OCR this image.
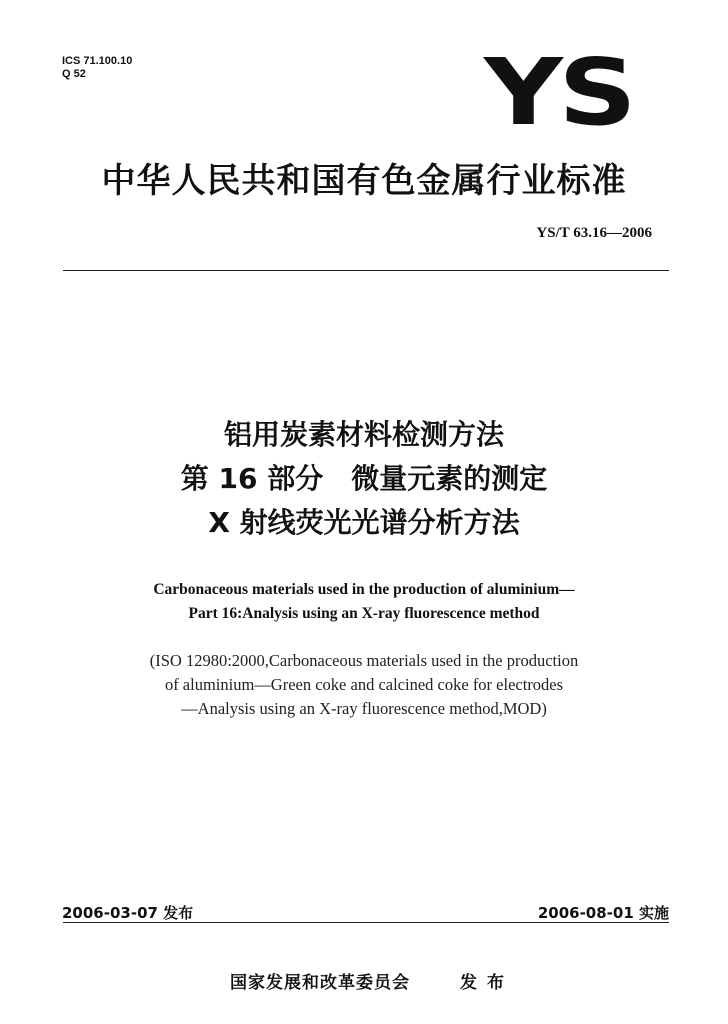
ICS 71.100.10
Q 52	YS
中华人民共和国有色金属行业标准
YS/T 63.16—2006
铝用炭素材料检测方法
第 16 部分　微量元素的测定
X 射线荧光光谱分析方法
Carbonaceous materials used in the production of aluminium—
Part 16:Analysis using an X-ray fluorescence method
(ISO 12980:2000,Carbonaceous materials used in the production
of aluminium—Green coke and calcined coke for electrodes
—Analysis using an X-ray fluorescence method,MOD)
2006-03-07 发布	2006-08-01 实施
国家发展和改革委员会	发布
